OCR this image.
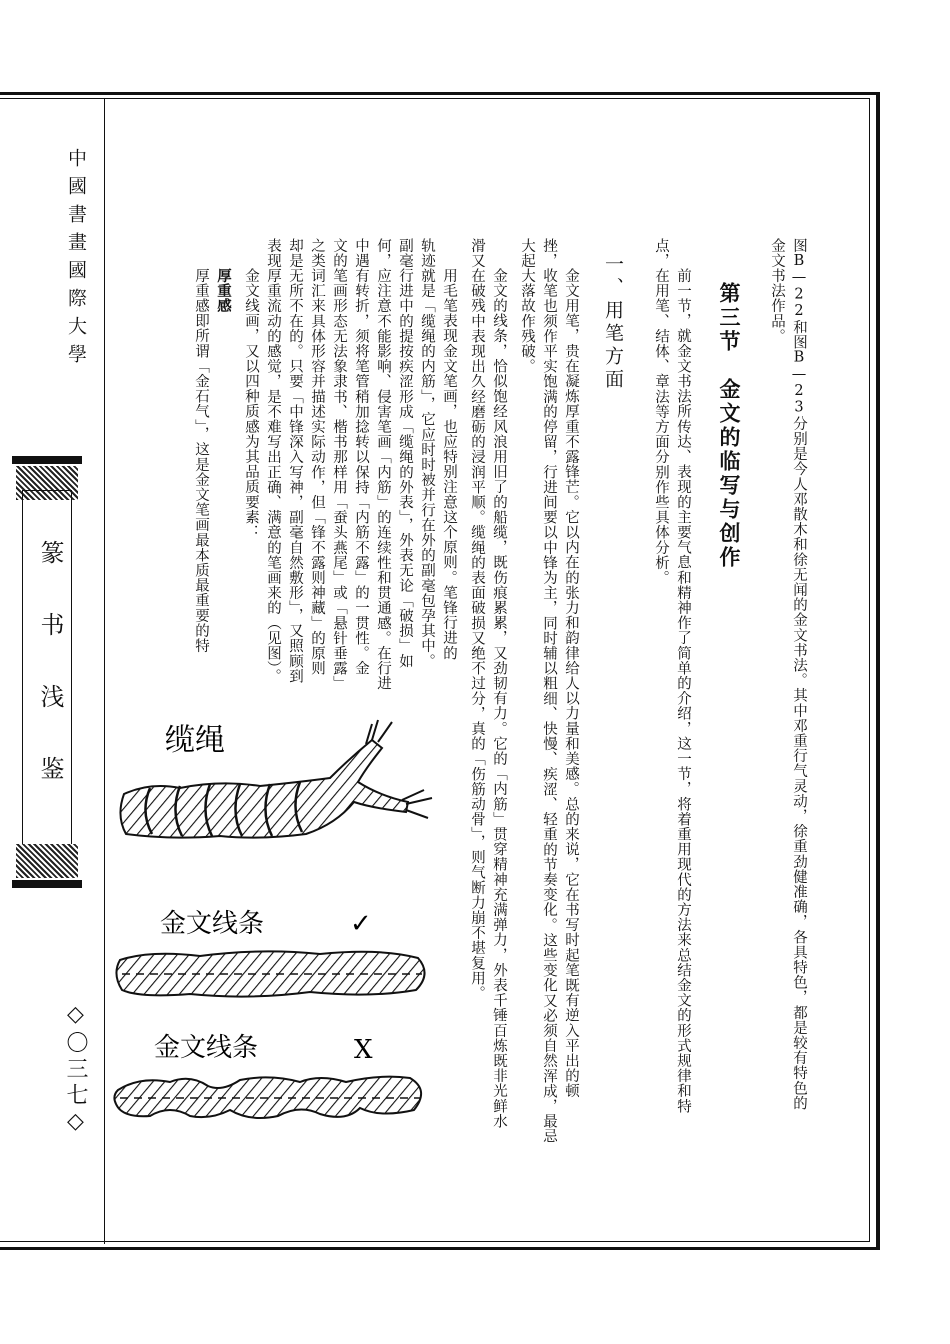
中國書畫國際大學
篆书浅鉴
◇〇三七◇	图B—22和图B—23分别是今人邓散木和徐无闻的金文书法。其中邓重行气灵动，徐重劲健准确，各具特色，都是较有特色的
金文书法作品。
第三节　金文的临写与创作
前一节，就金文书法所传达、表现的主要气息和精神作了简单的介绍，这一节，将着重用现代的方法来总结金文的形式规律和特
点，在用笔、结体、章法等方面分别作些具体分析。
一、用笔方面
金文用笔，贵在凝炼厚重不露锋芒。它以内在的张力和韵律给人以力量和美感。总的来说，它在书写时起笔既有逆入平出的顿
挫，收笔也须作平实饱满的停留，行进间要以中锋为主，同时辅以粗细、快慢、疾涩、轻重的节奏变化。这些变化又必须自然浑成，最忌
大起大落故作残破。
金文的线条，恰似饱经风浪用旧了的船缆，既伤痕累累，又劲韧有力。它的「内筋」贯穿精神充满弹力，外表千锤百炼既非光鲜水
滑又在破残中表现出久经磨砺的浸润平顺。缆绳的表面破损又绝不过分，真的「伤筋动骨」，则气断力崩不堪复用。
用毛笔表现金文笔画，也应特别注意这个原则。笔锋行进的
轨迹就是「缆绳的内筋」，它应时时被并行在外的副毫包孕其中。
副毫行进中的提按疾涩形成「缆绳的外表」，外表无论「破损」如
何，应注意不能影响、侵害笔画「内筋」的连续性和贯通感。在行进
中遇有转折，须将笔管稍加捻转以保持「内筋不露」的一贯性。金
文的笔画形态无法象隶书、楷书那样用「蚕头燕尾」或「悬针垂露」
之类词汇来具体形容并描述实际动作，但「锋不露则神藏」的原则
却是无所不在的。只要「中锋深入写神，副毫自然敷形」，又照顾到
表现厚重流动的感觉，是不难写出正确、满意的笔画来的（见图）。
金文线画，又以四种质感为其品质要素：
厚重感
厚重感即所谓「金石气」，这是金文笔画最本质最重要的特
缆绳
金文线条	✓
金文线条	X
